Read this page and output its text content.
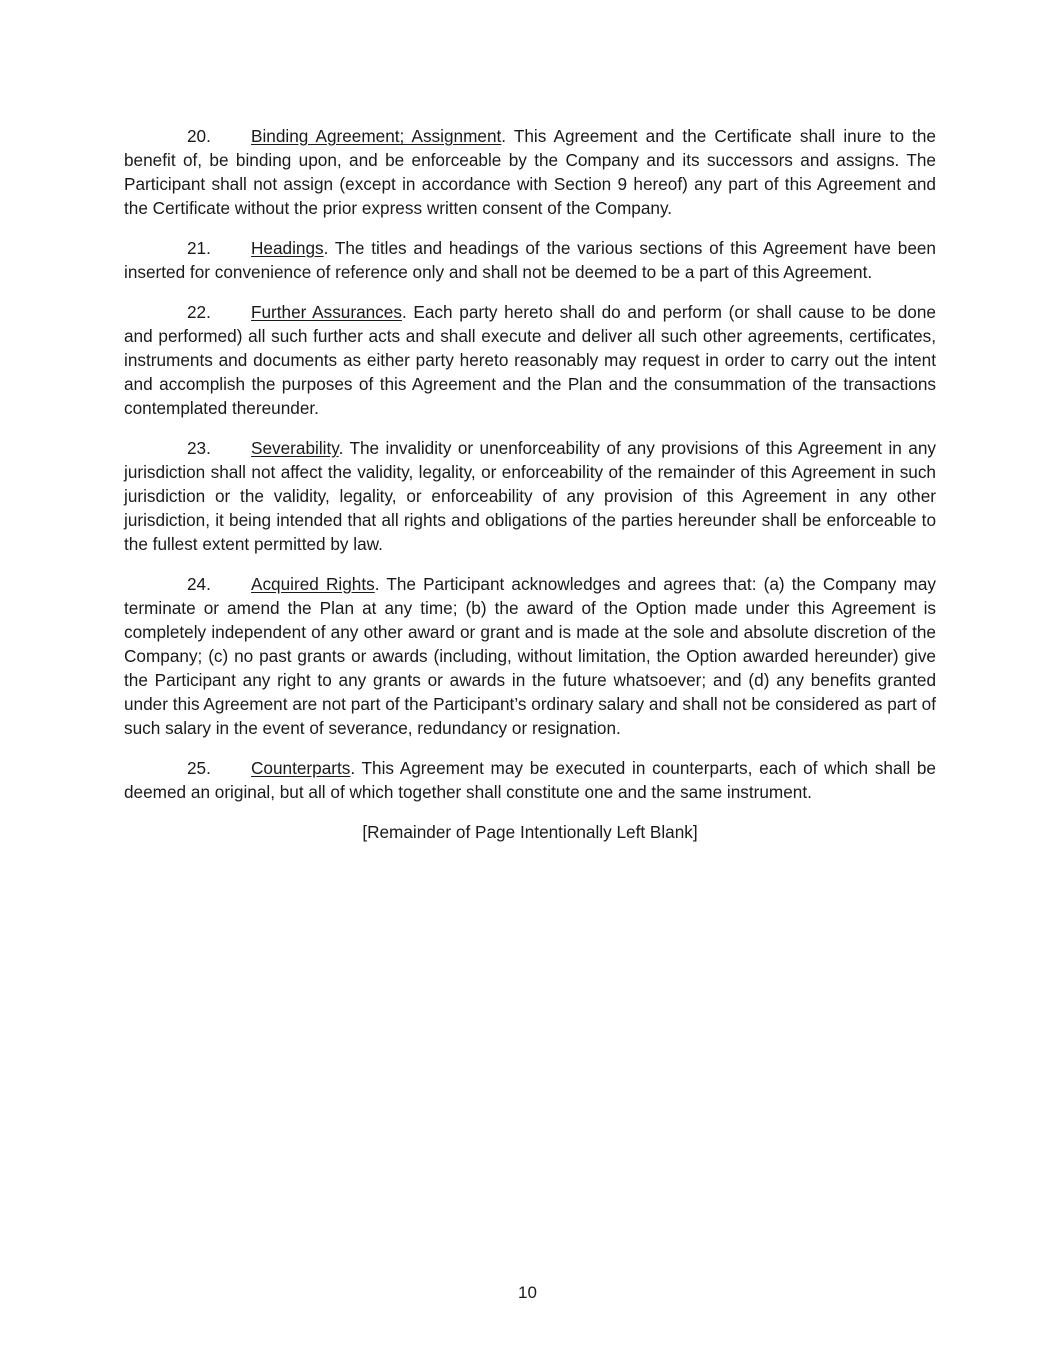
20. Binding Agreement; Assignment. This Agreement and the Certificate shall inure to the benefit of, be binding upon, and be enforceable by the Company and its successors and assigns. The Participant shall not assign (except in accordance with Section 9 hereof) any part of this Agreement and the Certificate without the prior express written consent of the Company.

21. Headings. The titles and headings of the various sections of this Agreement have been inserted for convenience of reference only and shall not be deemed to be a part of this Agreement.

22. Further Assurances. Each party hereto shall do and perform (or shall cause to be done and performed) all such further acts and shall execute and deliver all such other agreements, certificates, instruments and documents as either party hereto reasonably may request in order to carry out the intent and accomplish the purposes of this Agreement and the Plan and the consummation of the transactions contemplated thereunder.

23. Severability. The invalidity or unenforceability of any provisions of this Agreement in any jurisdiction shall not affect the validity, legality, or enforceability of the remainder of this Agreement in such jurisdiction or the validity, legality, or enforceability of any provision of this Agreement in any other jurisdiction, it being intended that all rights and obligations of the parties hereunder shall be enforceable to the fullest extent permitted by law.

24. Acquired Rights. The Participant acknowledges and agrees that: (a) the Company may terminate or amend the Plan at any time; (b) the award of the Option made under this Agreement is completely independent of any other award or grant and is made at the sole and absolute discretion of the Company; (c) no past grants or awards (including, without limitation, the Option awarded hereunder) give the Participant any right to any grants or awards in the future whatsoever; and (d) any benefits granted under this Agreement are not part of the Participant’s ordinary salary and shall not be considered as part of such salary in the event of severance, redundancy or resignation.

25. Counterparts. This Agreement may be executed in counterparts, each of which shall be deemed an original, but all of which together shall constitute one and the same instrument.

[Remainder of Page Intentionally Left Blank]

10
